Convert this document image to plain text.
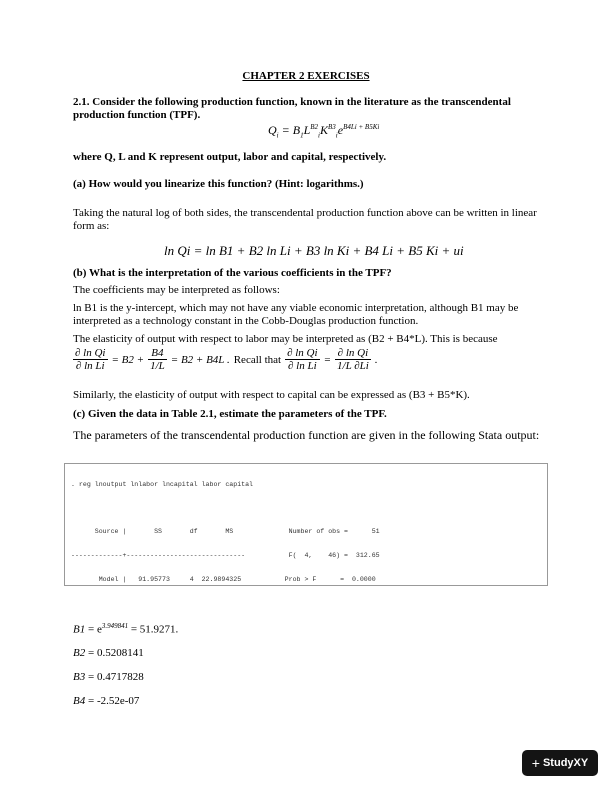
CHAPTER 2 EXERCISES
2.1. Consider the following production function, known in the literature as the transcendental production function (TPF).
$Q_i = B_1L^{B2}_iK^{B3}_ie^{B4Li + B5Ki}$
where Q, L and K represent output, labor and capital, respectively.
(a) How would you linearize this function? (Hint: logarithms.)
Taking the natural log of both sides, the transcendental production function above can be written in linear form as:
ln Qi = ln B1 + B2 ln Li + B3 ln Ki + B4 Li + B5 Ki + ui
(b) What is the interpretation of the various coefficients in the TPF?
The coefficients may be interpreted as follows:
ln B1 is the y-intercept, which may not have any viable economic interpretation, although B1 may be interpreted as a technology constant in the Cobb-Douglas production function.
The elasticity of output with respect to labor may be interpreted as (B2 + B4*L). This is because
$\frac{\text{∂ ln Qi}}{\text{∂ ln Li}} = B2 + \frac{B4}{1/L} = B2 + B4L$ . Recall that $\frac{\text{∂ ln Qi}}{\text{∂ ln Li}} = \frac{\text{∂ ln Qi}}{1/L \partial Li}$ .
Similarly, the elasticity of output with respect to capital can be expressed as (B3 + B5*K).
(c) Given the data in Table 2.1, estimate the parameters of the TPF.
The parameters of the transcendental production function are given in the following Stata output:

. reg lnoutput lnlabor lncapital labor capital

Source |       SS       df       MS              Number of obs =      51

-------------+------------------------------           F(  4,    46) =  312.65

Model |   91.95773     4  22.9894325           Prob > F      =  0.0000

$B1 = e^{3.949841} = 51.9271$.
B2 = 0.5208141
B3 = 0.4717828
B4 = -2.52e-07
+ StudyXY
